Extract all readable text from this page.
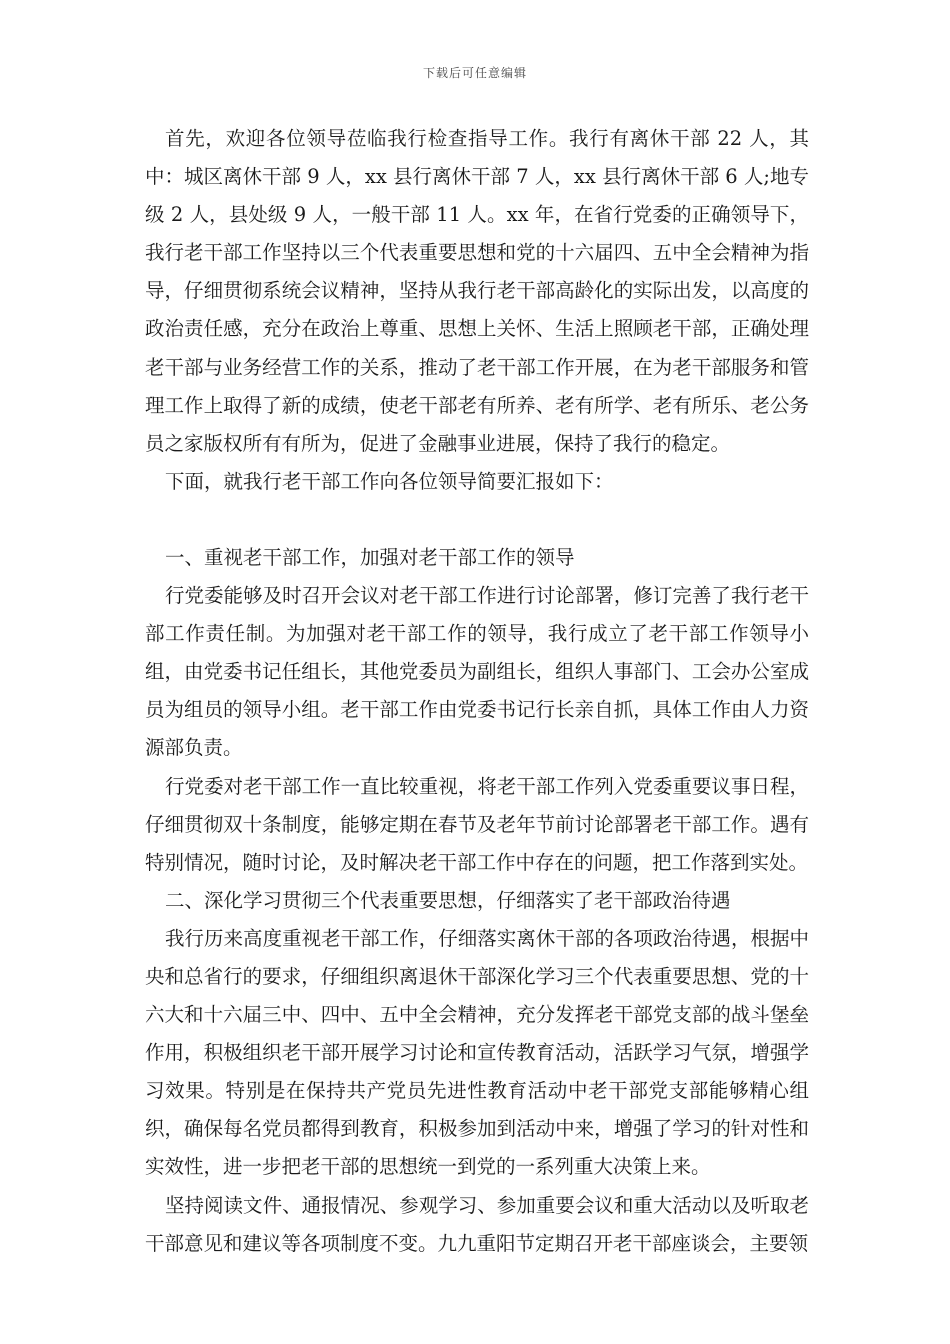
下载后可任意编辑

首先，欢迎各位领导莅临我行检查指导工作。我行有离休干部 22 人，其中：城区离休干部 9 人，xx 县行离休干部 7 人，xx 县行离休干部 6 人;地专级 2 人，县处级 9 人，一般干部 11 人。xx 年，在省行党委的正确领导下，我行老干部工作坚持以三个代表重要思想和党的十六届四、五中全会精神为指导，仔细贯彻系统会议精神，坚持从我行老干部高龄化的实际出发，以高度的政治责任感，充分在政治上尊重、思想上关怀、生活上照顾老干部，正确处理老干部与业务经营工作的关系，推动了老干部工作开展，在为老干部服务和管理工作上取得了新的成绩，使老干部老有所养、老有所学、老有所乐、老公务员之家版权所有有所为，促进了金融事业进展，保持了我行的稳定。

下面，就我行老干部工作向各位领导简要汇报如下：

一、重视老干部工作，加强对老干部工作的领导

行党委能够及时召开会议对老干部工作进行讨论部署，修订完善了我行老干部工作责任制。为加强对老干部工作的领导，我行成立了老干部工作领导小组，由党委书记任组长，其他党委员为副组长，组织人事部门、工会办公室成员为组员的领导小组。老干部工作由党委书记行长亲自抓，具体工作由人力资源部负责。

行党委对老干部工作一直比较重视，将老干部工作列入党委重要议事日程，仔细贯彻双十条制度，能够定期在春节及老年节前讨论部署老干部工作。遇有特别情况，随时讨论，及时解决老干部工作中存在的问题，把工作落到实处。

二、深化学习贯彻三个代表重要思想，仔细落实了老干部政治待遇

我行历来高度重视老干部工作，仔细落实离休干部的各项政治待遇，根据中央和总省行的要求，仔细组织离退休干部深化学习三个代表重要思想、党的十六大和十六届三中、四中、五中全会精神，充分发挥老干部党支部的战斗堡垒作用，积极组织老干部开展学习讨论和宣传教育活动，活跃学习气氛，增强学习效果。特别是在保持共产党员先进性教育活动中老干部党支部能够精心组织，确保每名党员都得到教育，积极参加到活动中来，增强了学习的针对性和实效性，进一步把老干部的思想统一到党的一系列重大决策上来。

坚持阅读文件、通报情况、参观学习、参加重要会议和重大活动以及听取老干部意见和建议等各项制度不变。九九重阳节定期召开老干部座谈会，主要领
